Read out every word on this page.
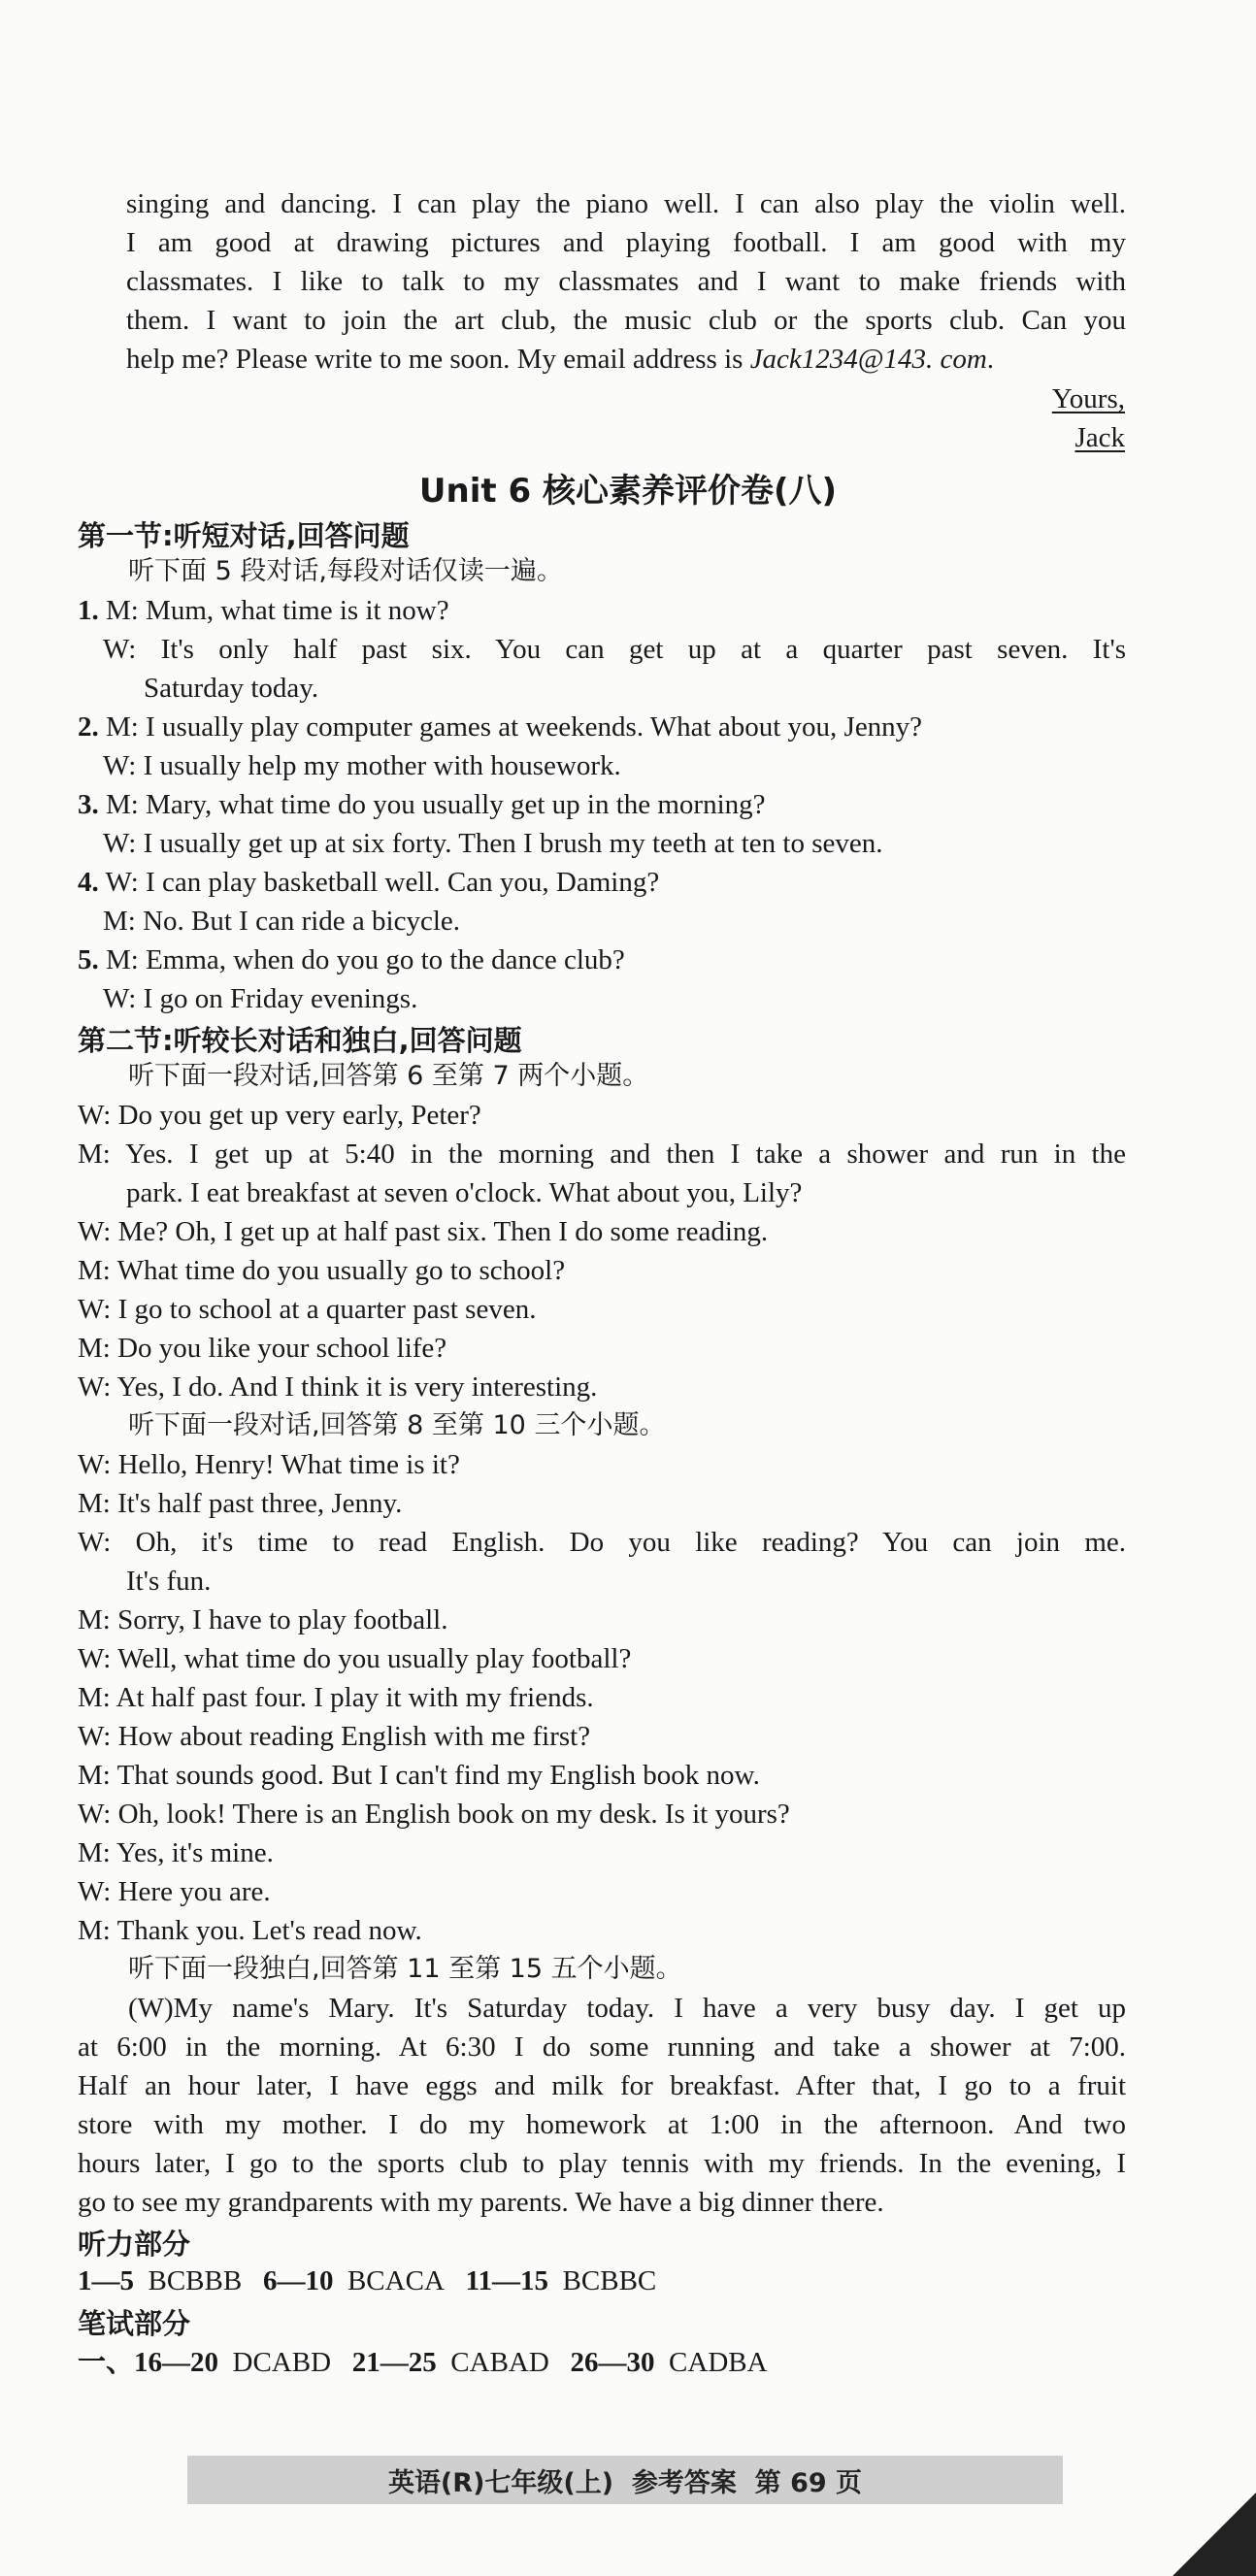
singing and dancing. I can play the piano well. I can also play the violin well.
I am good at drawing pictures and playing football. I am good with my
classmates. I like to talk to my classmates and I want to make friends with
them. I want to join the art club, the music club or the sports club. Can you
help me? Please write to me soon. My email address is Jack1234@143. com.
Yours,
Jack
Unit 6 核心素养评价卷(八)
第一节:听短对话,回答问题
听下面 5 段对话,每段对话仅读一遍。
1. M: Mum, what time is it now?
W: It's only half past six. You can get up at a quarter past seven. It's
Saturday today.
2. M: I usually play computer games at weekends. What about you, Jenny?
W: I usually help my mother with housework.
3. M: Mary, what time do you usually get up in the morning?
W: I usually get up at six forty. Then I brush my teeth at ten to seven.
4. W: I can play basketball well. Can you, Daming?
M: No. But I can ride a bicycle.
5. M: Emma, when do you go to the dance club?
W: I go on Friday evenings.
第二节:听较长对话和独白,回答问题
听下面一段对话,回答第 6 至第 7 两个小题。
W: Do you get up very early, Peter?
M: Yes. I get up at 5:40 in the morning and then I take a shower and run in the
park. I eat breakfast at seven o'clock. What about you, Lily?
W: Me? Oh, I get up at half past six. Then I do some reading.
M: What time do you usually go to school?
W: I go to school at a quarter past seven.
M: Do you like your school life?
W: Yes, I do. And I think it is very interesting.
听下面一段对话,回答第 8 至第 10 三个小题。
W: Hello, Henry! What time is it?
M: It's half past three, Jenny.
W: Oh, it's time to read English. Do you like reading? You can join me.
It's fun.
M: Sorry, I have to play football.
W: Well, what time do you usually play football?
M: At half past four. I play it with my friends.
W: How about reading English with me first?
M: That sounds good. But I can't find my English book now.
W: Oh, look! There is an English book on my desk. Is it yours?
M: Yes, it's mine.
W: Here you are.
M: Thank you. Let's read now.
听下面一段独白,回答第 11 至第 15 五个小题。
(W)My name's Mary. It's Saturday today. I have a very busy day. I get up
at 6:00 in the morning. At 6:30 I do some running and take a shower at 7:00.
Half an hour later, I have eggs and milk for breakfast. After that, I go to a fruit
store with my mother. I do my homework at 1:00 in the afternoon. And two
hours later, I go to the sports club to play tennis with my friends. In the evening, I
go to see my grandparents with my parents. We have a big dinner there.
听力部分
1—5 BCBBB 6—10 BCACA 11—15 BCBBC
笔试部分
一、16—20 DCABD 21—25 CABAD 26—30 CADBA
英语(R)七年级(上)  参考答案  第 69 页
